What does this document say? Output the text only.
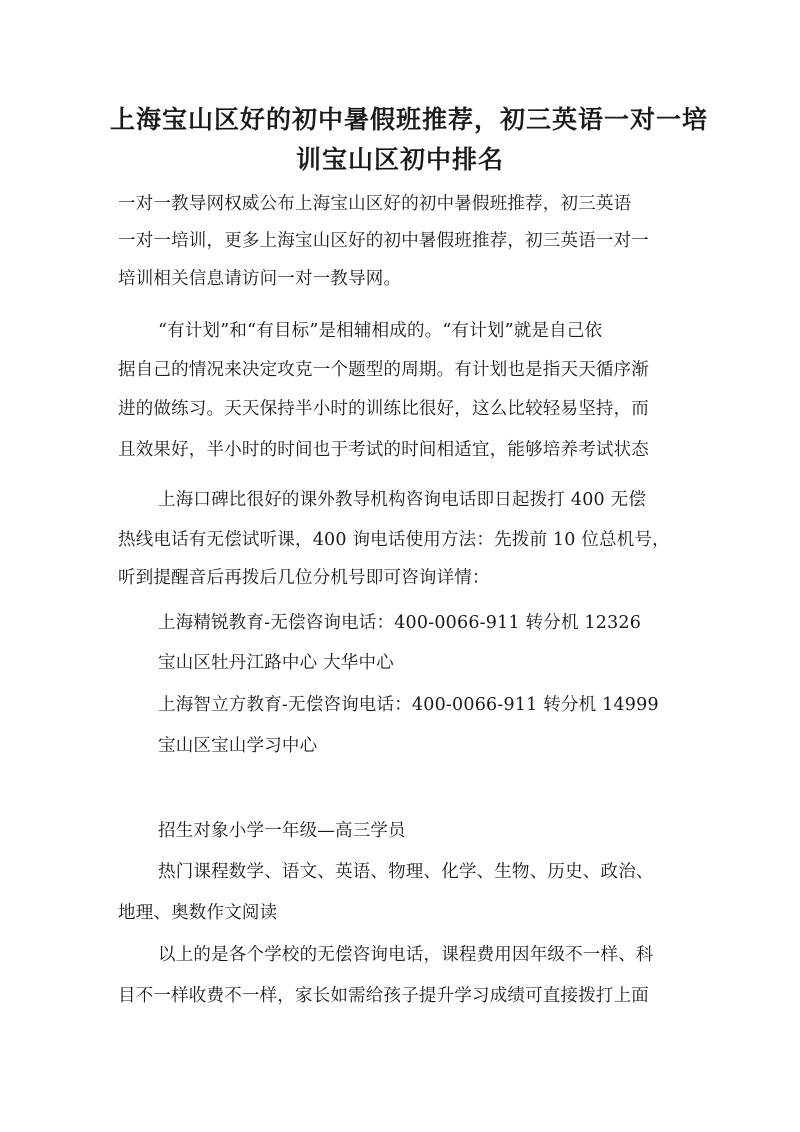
上海宝山区好的初中暑假班推荐，初三英语一对一培
训宝山区初中排名
一对一教导网权威公布上海宝山区好的初中暑假班推荐，初三英语
一对一培训，更多上海宝山区好的初中暑假班推荐，初三英语一对一
培训相关信息请访问一对一教导网。
“有计划”和“有目标”是相辅相成的。“有计划”就是自己依
据自己的情况来决定攻克一个题型的周期。有计划也是指天天循序渐
进的做练习。天天保持半小时的训练比很好，这么比较轻易坚持，而
且效果好，半小时的时间也于考试的时间相适宜，能够培养考试状态
上海口碑比很好的课外教导机构咨询电话即日起拨打 400 无偿
热线电话有无偿试听课，400 询电话使用方法：先拨前 10 位总机号，
听到提醒音后再拨后几位分机号即可咨询详情：
上海精锐教育-无偿咨询电话：400-0066-911 转分机 12326
宝山区牡丹江路中心 大华中心
上海智立方教育-无偿咨询电话：400-0066-911 转分机 14999
宝山区宝山学习中心
招生对象小学一年级—高三学员
热门课程数学、语文、英语、物理、化学、生物、历史、政治、
地理、奥数作文阅读
以上的是各个学校的无偿咨询电话，课程费用因年级不一样、科
目不一样收费不一样，家长如需给孩子提升学习成绩可直接拨打上面
